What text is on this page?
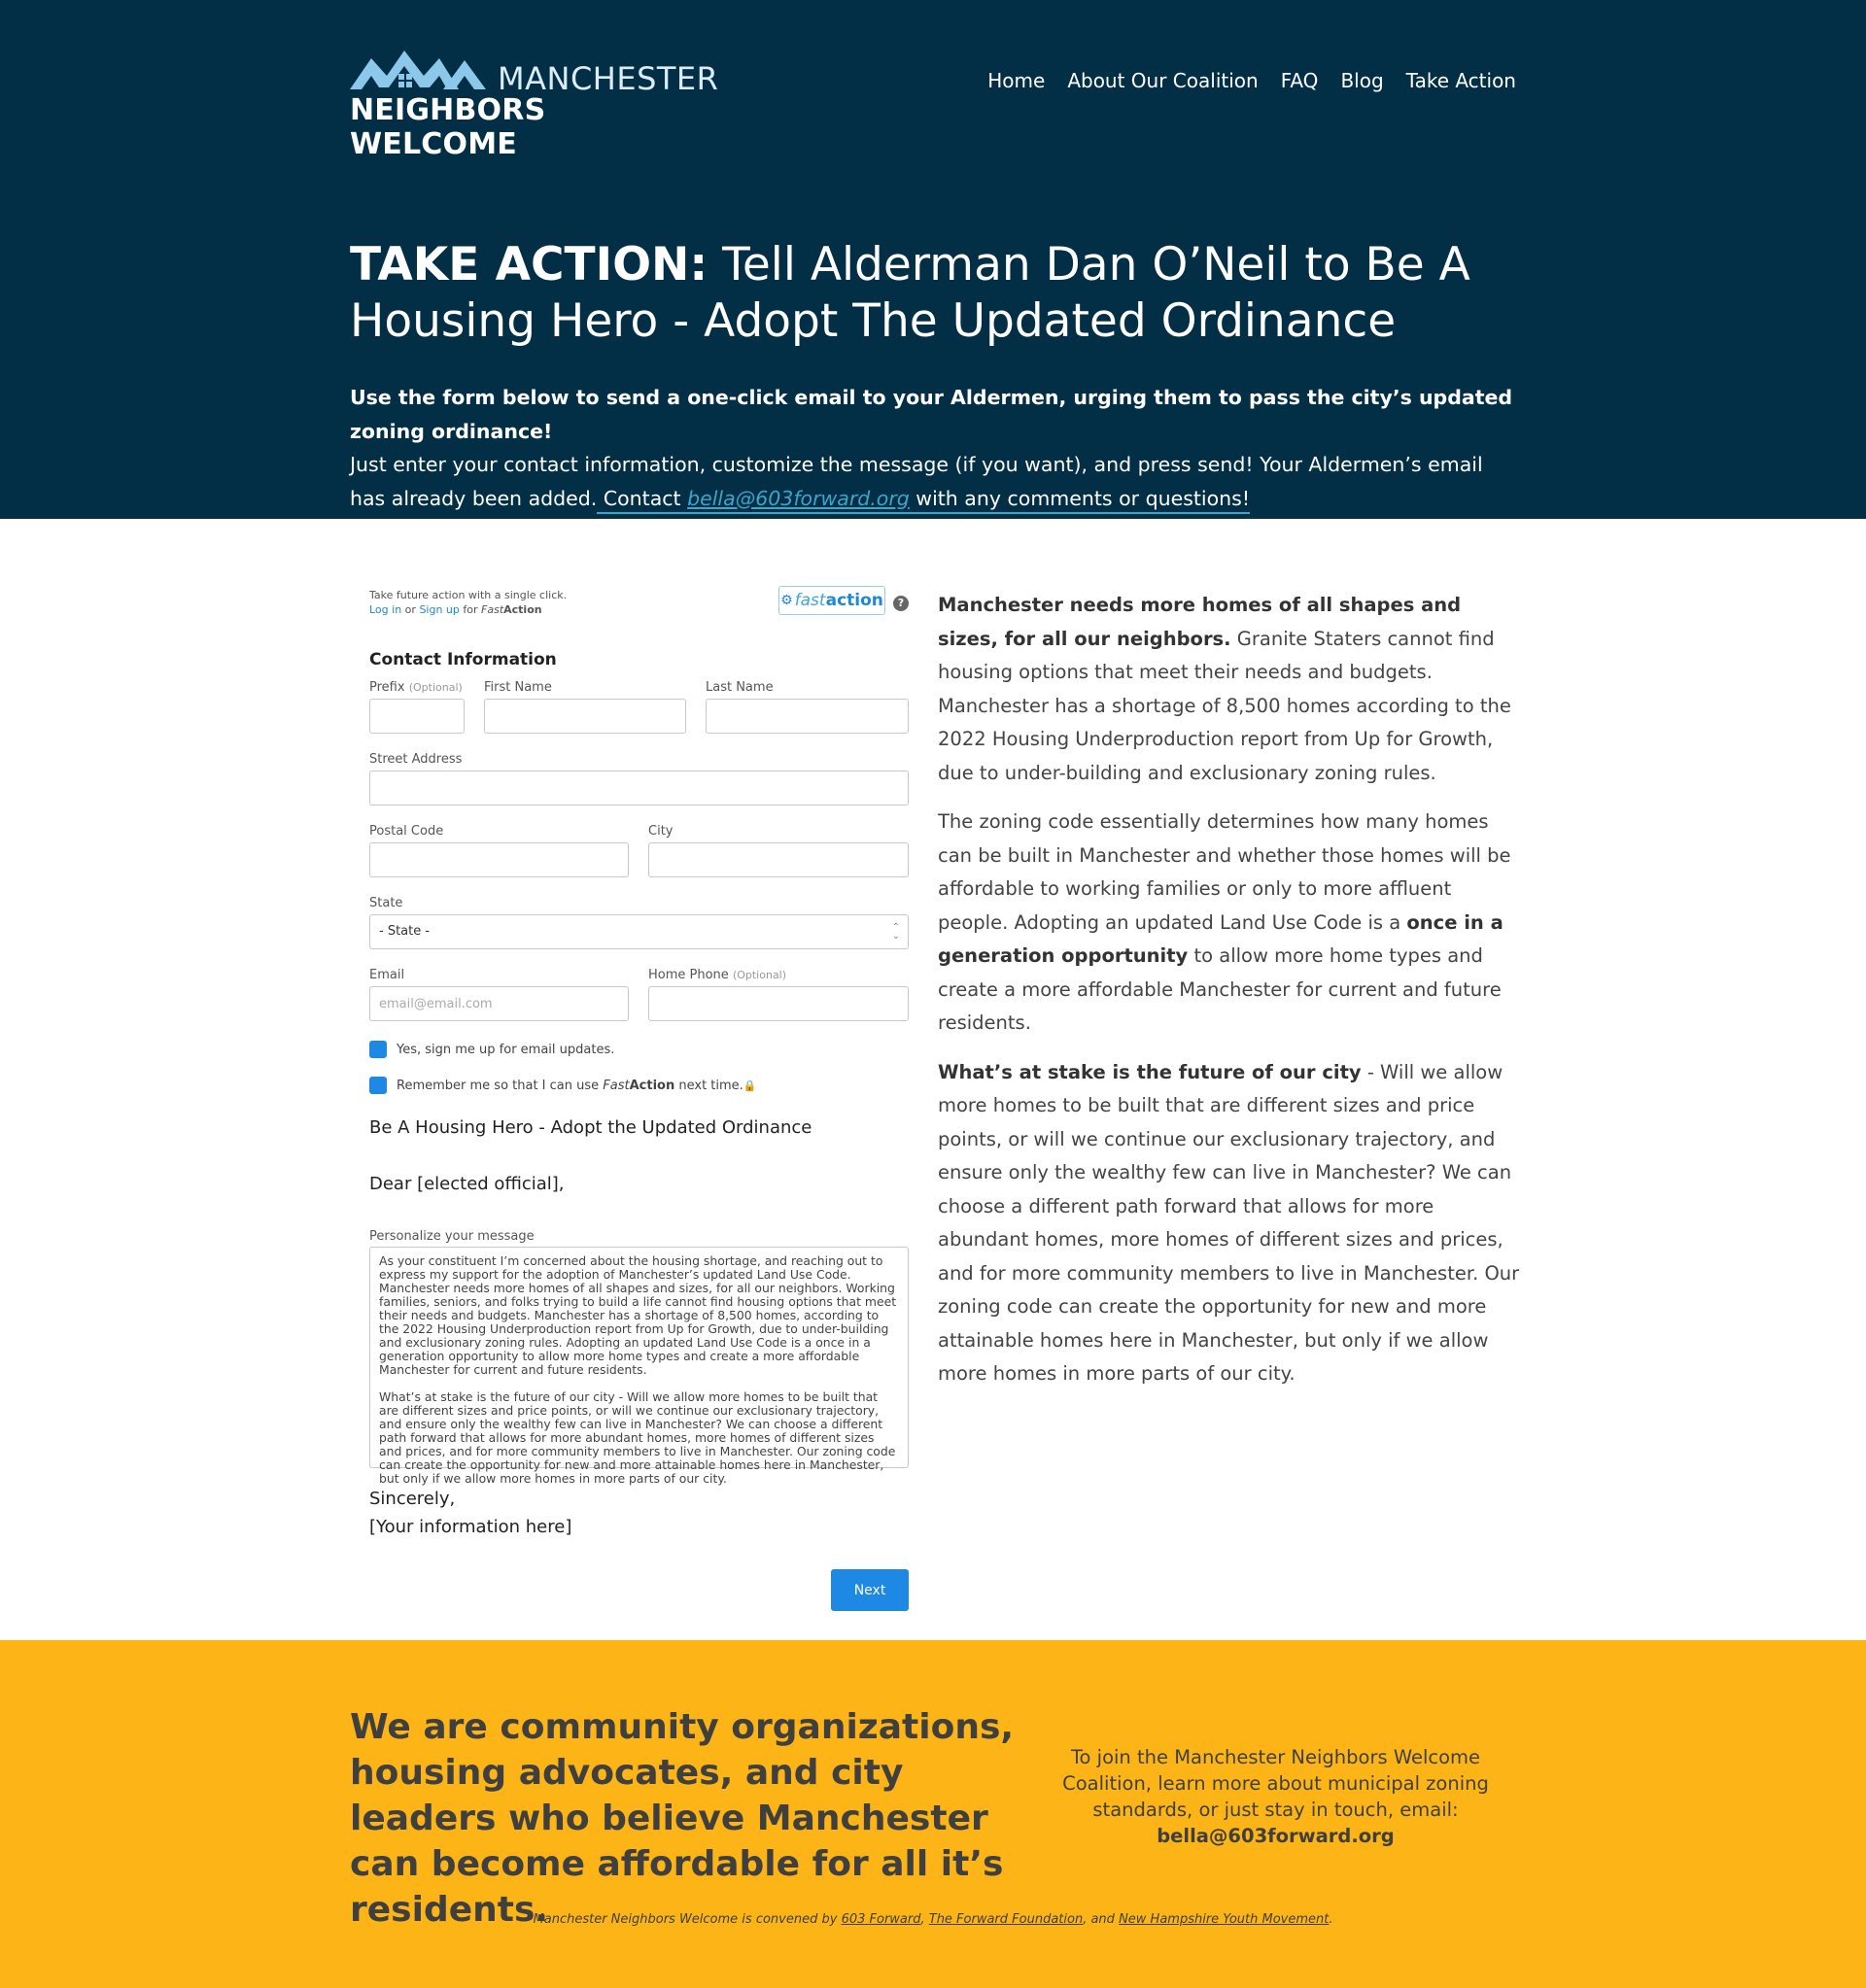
MANCHESTER
NEIGHBORS WELCOME
Home About Our Coalition FAQ Blog Take Action
TAKE ACTION: Tell Alderman Dan O’Neil to Be A Housing Hero - Adopt The Updated Ordinance
Use the form below to send a one-click email to your Aldermen, urging them to pass the city’s updated zoning ordinance!
Just enter your contact information, customize the message (if you want), and press send! Your Aldermen’s email has already been added. Contact bella@603forward.org with any comments or questions!
Take future action with a single click.
Log in or Sign up for FastAction
⚙ fast action	?
Contact Information
Prefix (Optional) First Name	Last Name
Street Address
Postal Code	City
State
- State -	⌃
⌄
Email
email@email.com
Home Phone (Optional)
Yes, sign me up for email updates.
Remember me so that I can use FastAction next time.🔒
Be A Housing Hero - Adopt the Updated Ordinance
Dear [elected official],
Personalize your message

As your constituent I’m concerned about the housing shortage, and reaching out to express my support for the adoption of Manchester’s updated Land Use Code. Manchester needs more homes of all shapes and sizes, for all our neighbors. Working families, seniors, and folks trying to build a life cannot find housing options that meet their needs and budgets. Manchester has a shortage of 8,500 homes, according to the 2022 Housing Underproduction report from Up for Growth, due to under-building and exclusionary zoning rules. Adopting an updated Land Use Code is a once in a generation opportunity to allow more home types and create a more affordable Manchester for current and future residents.

What’s at stake is the future of our city - Will we allow more homes to be built that are different sizes and price points, or will we continue our exclusionary trajectory, and ensure only the wealthy few can live in Manchester? We can choose a different path forward that allows for more abundant homes, more homes of different sizes and prices, and for more community members to live in Manchester. Our zoning code can create the opportunity for new and more attainable homes here in Manchester, but only if we allow more homes in more parts of our city.

Sincerely,
[Your information here]
Next

Manchester needs more homes of all shapes and sizes, for all our neighbors. Granite Staters cannot find housing options that meet their needs and budgets. Manchester has a shortage of 8,500 homes according to the 2022 Housing Underproduction report from Up for Growth, due to under-building and exclusionary zoning rules.

The zoning code essentially determines how many homes can be built in Manchester and whether those homes will be affordable to working families or only to more affluent people. Adopting an updated Land Use Code is a once in a generation opportunity to allow more home types and create a more affordable Manchester for current and future residents.

What’s at stake is the future of our city - Will we allow more homes to be built that are different sizes and price points, or will we continue our exclusionary trajectory, and ensure only the wealthy few can live in Manchester? We can choose a different path forward that allows for more abundant homes, more homes of different sizes and prices, and for more community members to live in Manchester. Our zoning code can create the opportunity for new and more attainable homes here in Manchester, but only if we allow more homes in more parts of our city.

We are community organizations, housing advocates, and city leaders who believe Manchester can become affordable for all it’s residents.
To join the Manchester Neighbors Welcome Coalition, learn more about municipal zoning standards, or just stay in touch, email:
bella@603forward.org
Manchester Neighbors Welcome is convened by 603 Forward, The Forward Foundation, and New Hampshire Youth Movement.
